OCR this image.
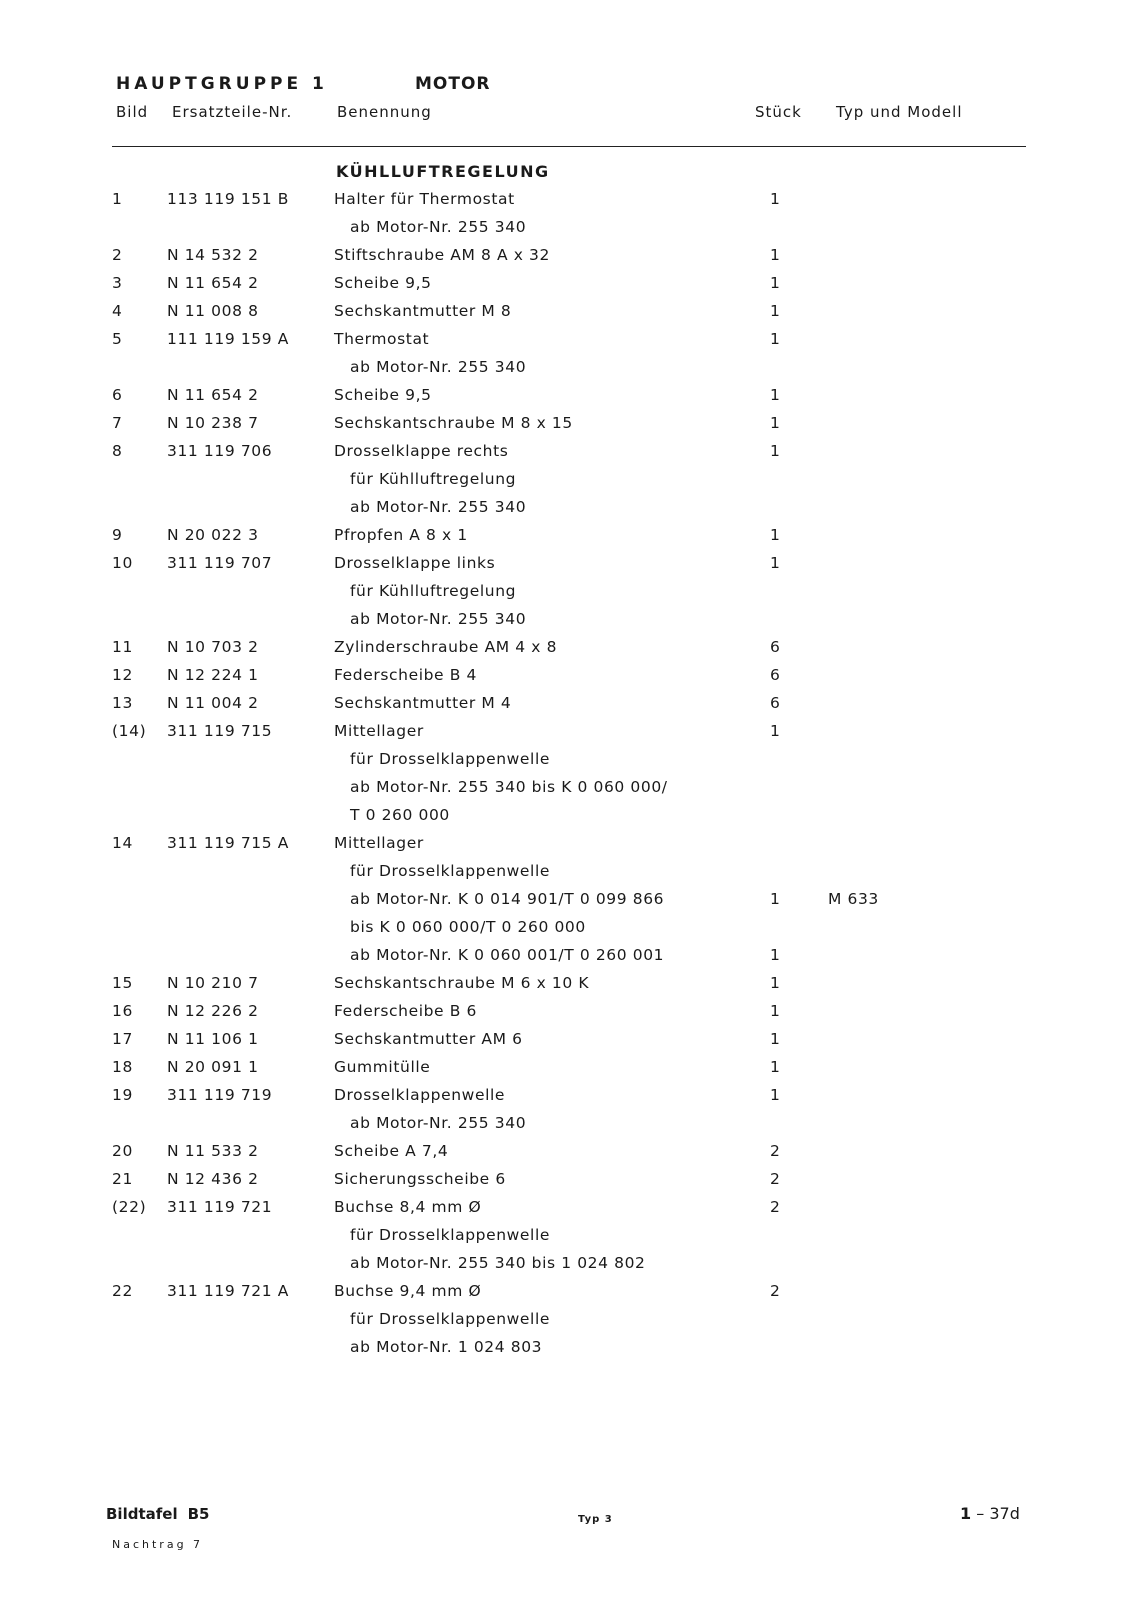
HAUPTGRUPPE 1	MOTOR
Bild Ersatzteile-Nr.	Benennung	Stück Typ und Modell
KÜHLLUFTREGELUNG
1	113 119 151 B	Halter für Thermostat	1
ab Motor-Nr. 255 340
2	N 14 532 2	Stiftschraube AM 8 A x 32	1
3	N 11 654 2	Scheibe 9,5	1
4	N 11 008 8	Sechskantmutter M 8	1
5	111 119 159 A	Thermostat	1
ab Motor-Nr. 255 340
6	N 11 654 2	Scheibe 9,5	1
7	N 10 238 7	Sechskantschraube M 8 x 15	1
8	311 119 706	Drosselklappe rechts	1
für Kühlluftregelung
ab Motor-Nr. 255 340
9	N 20 022 3	Pfropfen A 8 x 1	1
10 311 119 707	Drosselklappe links	1
für Kühlluftregelung
ab Motor-Nr. 255 340
11 N 10 703 2	Zylinderschraube AM 4 x 8	6
12 N 12 224 1	Federscheibe B 4	6
13 N 11 004 2	Sechskantmutter M 4	6
(14) 311 119 715	Mittellager	1
für Drosselklappenwelle
ab Motor-Nr. 255 340 bis K 0 060 000/
T 0 260 000
14 311 119 715 A	Mittellager
für Drosselklappenwelle
ab Motor-Nr. K 0 014 901/T 0 099 866	1	M 633
bis K 0 060 000/T 0 260 000
ab Motor-Nr. K 0 060 001/T 0 260 001	1
15 N 10 210 7	Sechskantschraube M 6 x 10 K	1
16 N 12 226 2	Federscheibe B 6	1
17 N 11 106 1	Sechskantmutter AM 6	1
18 N 20 091 1	Gummitülle	1
19 311 119 719	Drosselklappenwelle	1
ab Motor-Nr. 255 340
20 N 11 533 2	Scheibe A 7,4	2
21 N 12 436 2	Sicherungsscheibe 6	2
(22) 311 119 721	Buchse 8,4 mm Ø	2
für Drosselklappenwelle
ab Motor-Nr. 255 340 bis 1 024 802
22 311 119 721 A	Buchse 9,4 mm Ø	2
für Drosselklappenwelle
ab Motor-Nr. 1 024 803
Bildtafel B5
Nachtrag 7
Typ 3	1 – 37d
